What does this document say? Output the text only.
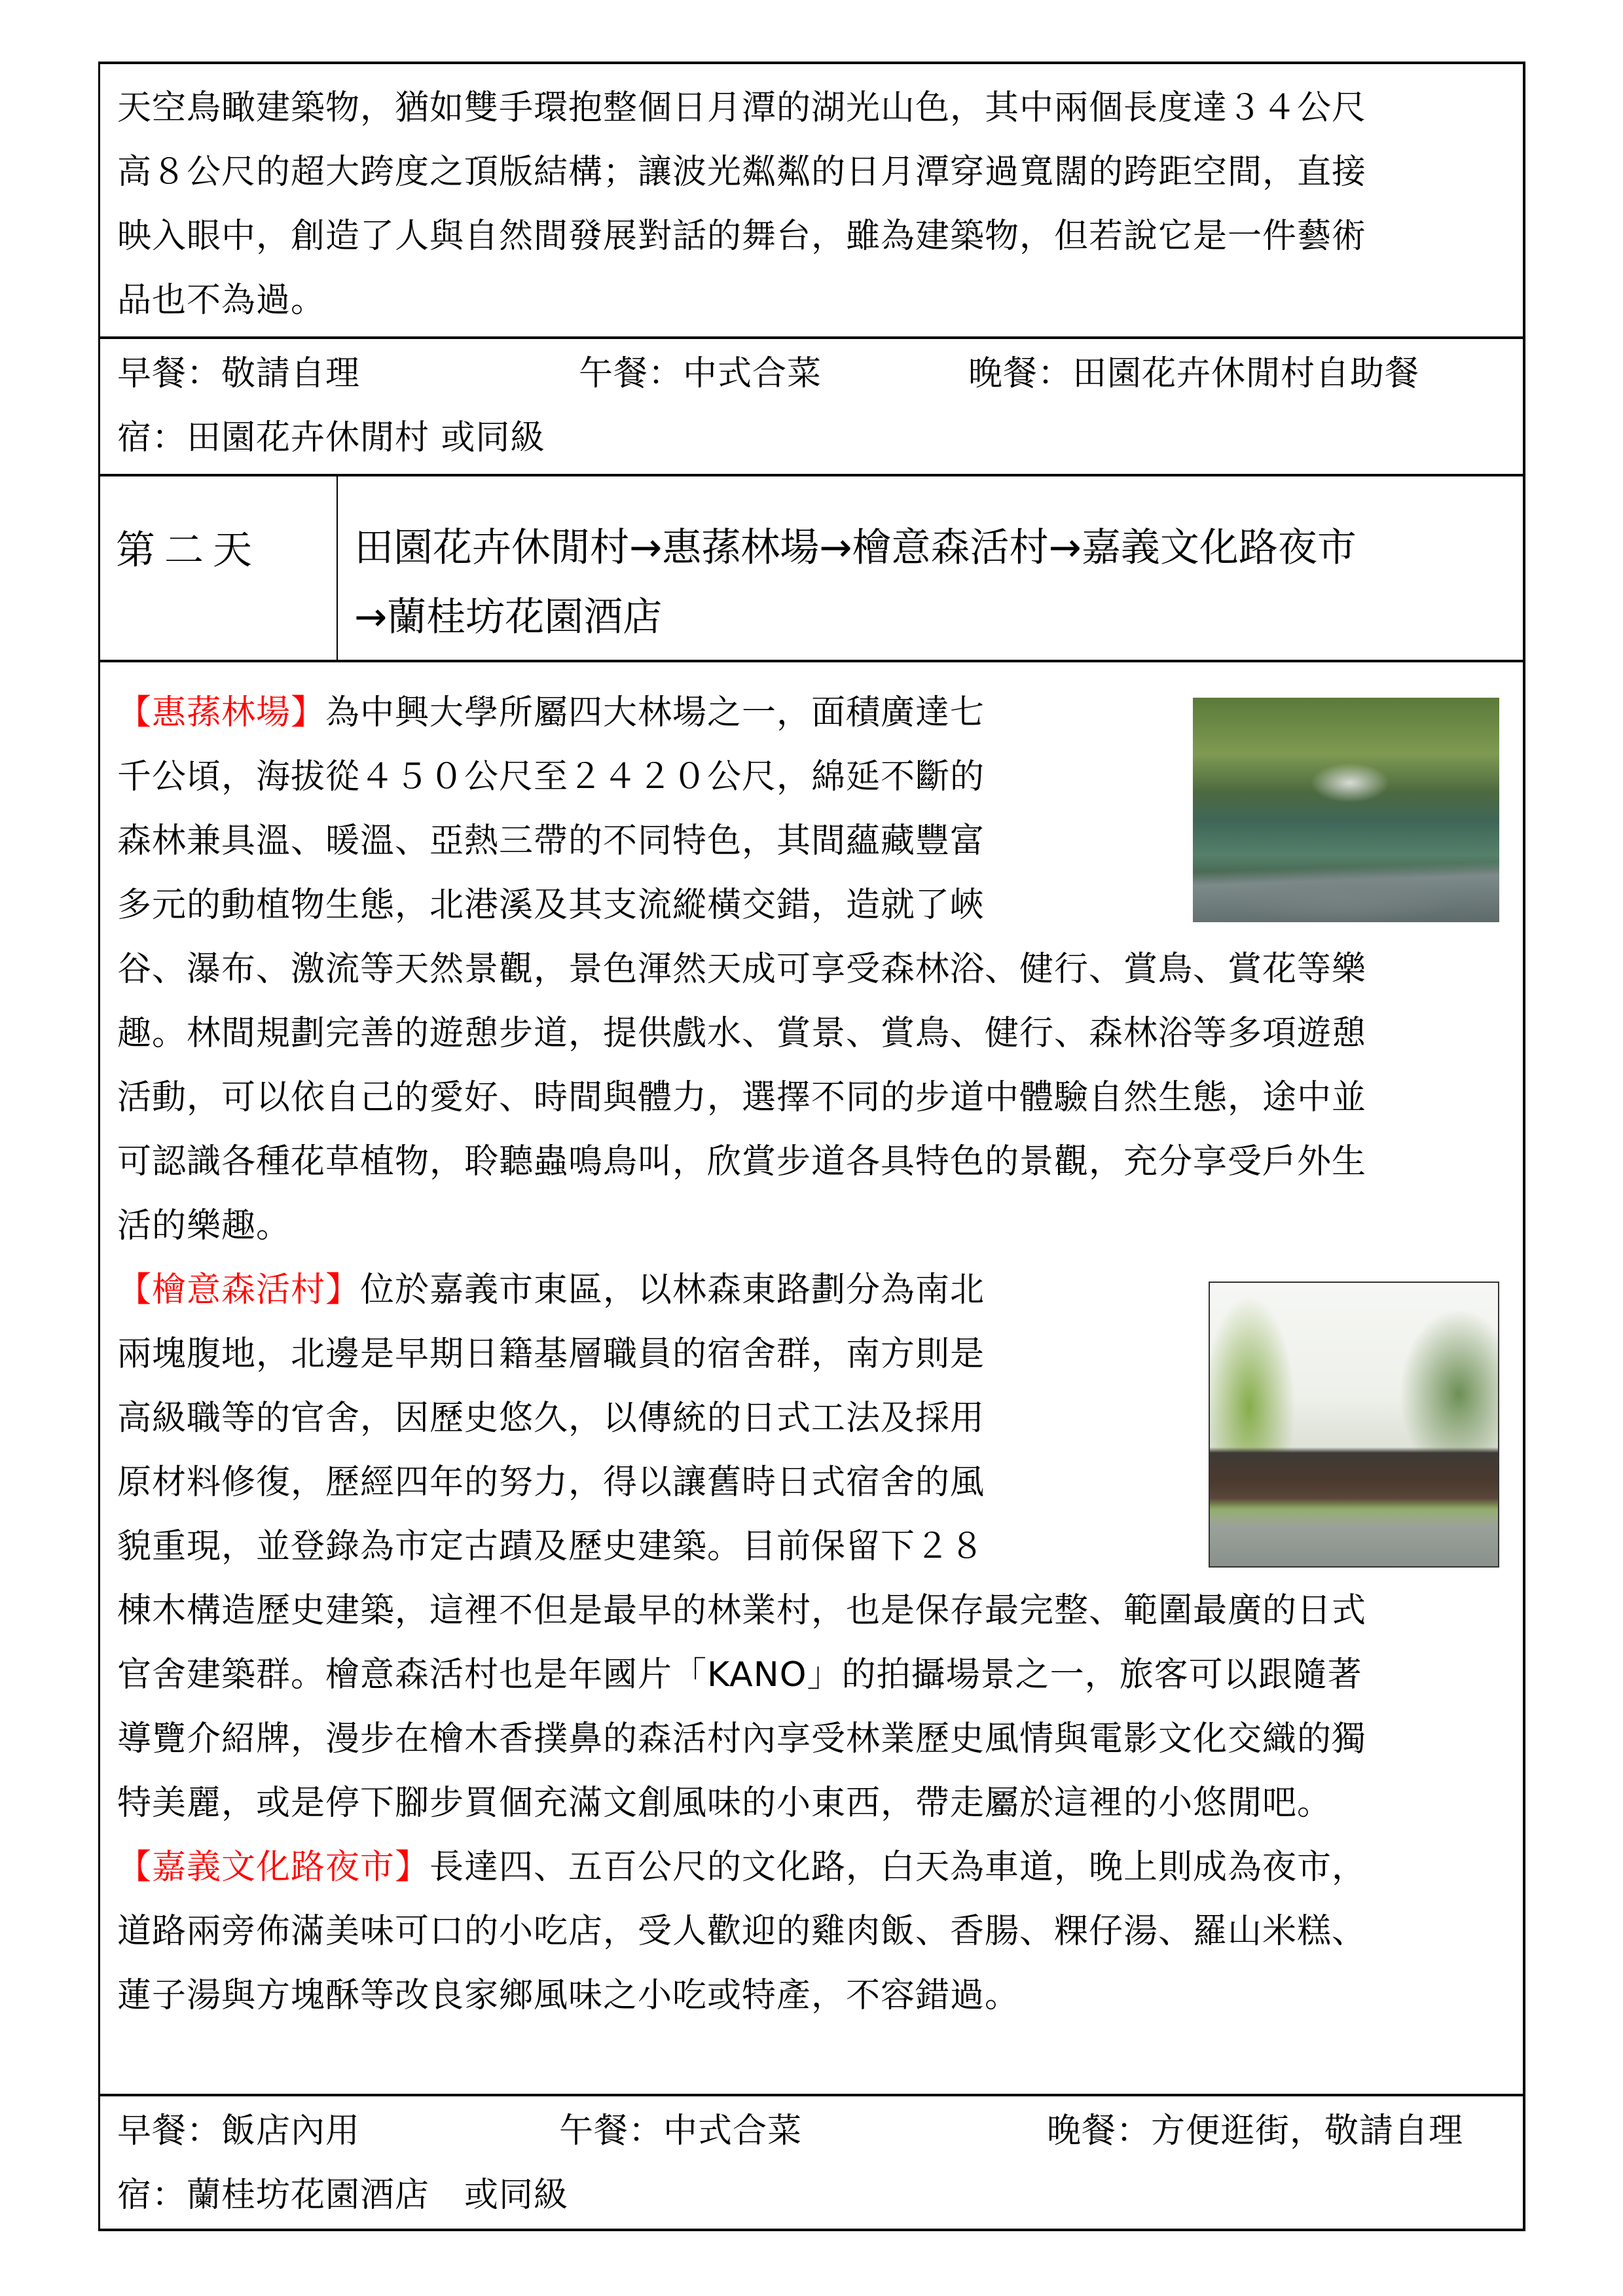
天空鳥瞰建築物，猶如雙手環抱整個日月潭的湖光山色，其中兩個長度達３４公尺
高８公尺的超大跨度之頂版結構；讓波光粼粼的日月潭穿過寬闊的跨距空間，直接
映入眼中，創造了人與自然間發展對話的舞台，雖為建築物，但若說它是一件藝術
品也不為過。
早餐：敬請自理	午餐：中式合菜	晚餐：田園花卉休閒村自助餐
宿：田園花卉休閒村 或同級
第二天 田園花卉休閒村→惠蓀林場→檜意森活村→嘉義文化路夜市
→蘭桂坊花園酒店
【惠蓀林場】為中興大學所屬四大林場之一，面積廣達七
千公頃，海拔從４５０公尺至２４２０公尺，綿延不斷的
森林兼具溫、暖溫、亞熱三帶的不同特色，其間蘊藏豐富
多元的動植物生態，北港溪及其支流縱橫交錯，造就了峽
谷、瀑布、激流等天然景觀，景色渾然天成可享受森林浴、健行、賞鳥、賞花等樂
趣。林間規劃完善的遊憩步道，提供戲水、賞景、賞鳥、健行、森林浴等多項遊憩
活動，可以依自己的愛好、時間與體力，選擇不同的步道中體驗自然生態，途中並
可認識各種花草植物，聆聽蟲鳴鳥叫，欣賞步道各具特色的景觀，充分享受戶外生
活的樂趣。
【檜意森活村】位於嘉義市東區，以林森東路劃分為南北
兩塊腹地，北邊是早期日籍基層職員的宿舍群，南方則是
高級職等的官舍，因歷史悠久，以傳統的日式工法及採用
原材料修復，歷經四年的努力，得以讓舊時日式宿舍的風
貌重現，並登錄為市定古蹟及歷史建築。目前保留下２８
棟木構造歷史建築，這裡不但是最早的林業村，也是保存最完整、範圍最廣的日式
官舍建築群。檜意森活村也是年國片「KANO」的拍攝場景之一，旅客可以跟隨著
導覽介紹牌，漫步在檜木香撲鼻的森活村內享受林業歷史風情與電影文化交織的獨
特美麗，或是停下腳步買個充滿文創風味的小東西，帶走屬於這裡的小悠閒吧。
【嘉義文化路夜市】長達四、五百公尺的文化路，白天為車道，晚上則成為夜市，
道路兩旁佈滿美味可口的小吃店，受人歡迎的雞肉飯、香腸、粿仔湯、羅山米糕、
蓮子湯與方塊酥等改良家鄉風味之小吃或特產，不容錯過。
早餐：飯店內用	午餐：中式合菜	晚餐：方便逛街，敬請自理
宿：蘭桂坊花園酒店　或同級
